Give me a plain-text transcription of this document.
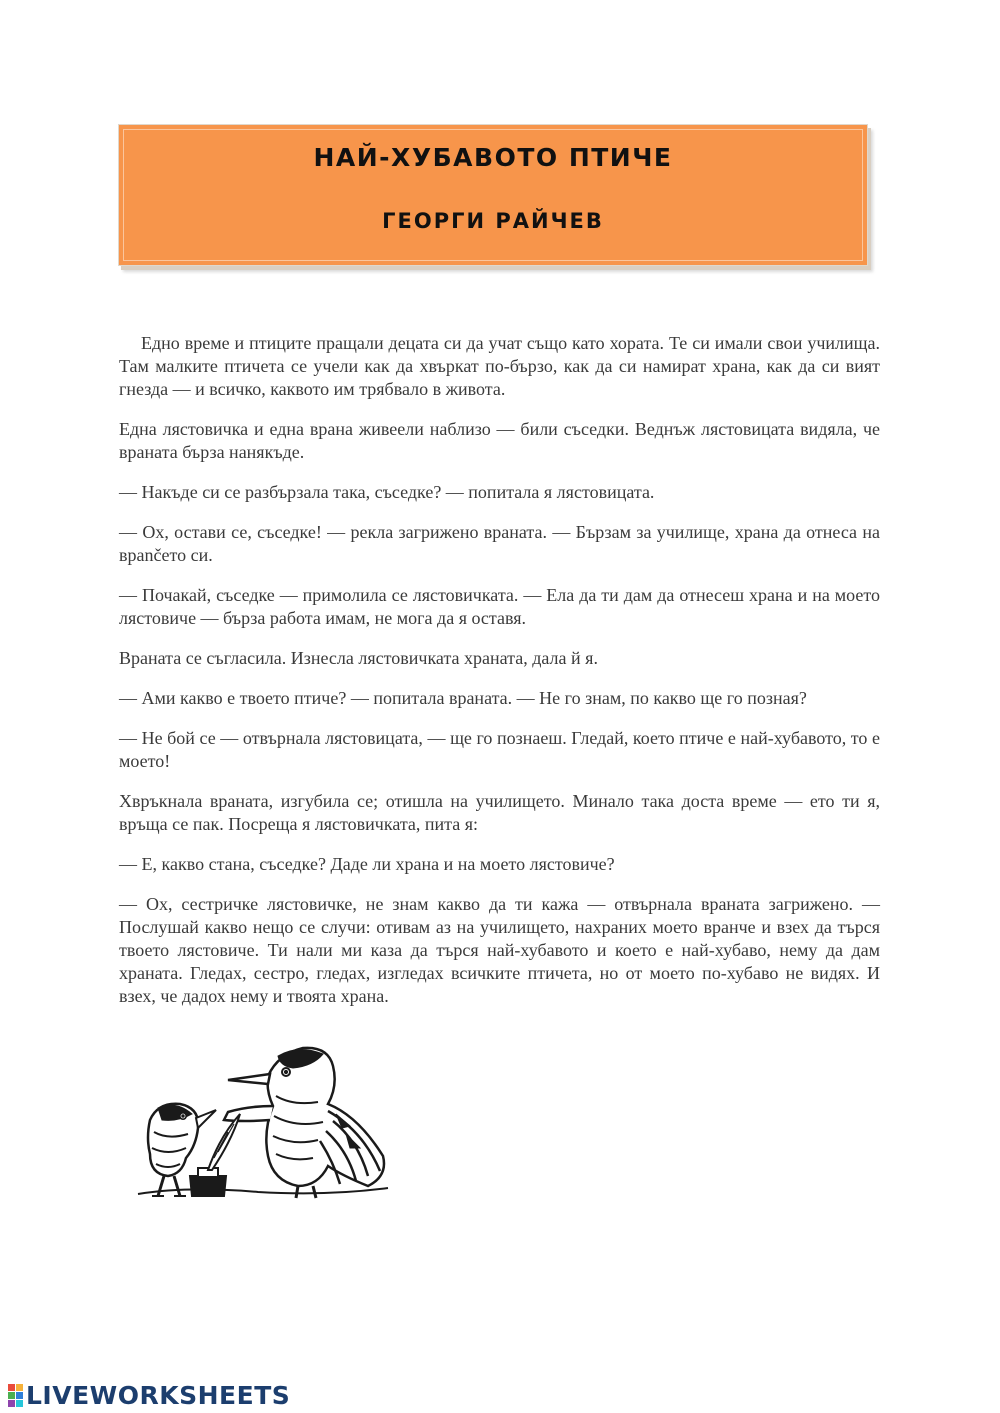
НАЙ-ХУБАВОТО ПТИЧЕ
ГЕОРГИ РАЙЧЕВ

Едно време и птиците пращали децата си да учат също като хората. Те си имали свои училища. Там малките птичета се учели как да хвъркат по-бързо, как да си намират храна, как да си вият гнезда — и всичко, каквото им трябвало в живота.

Една лястовичка и една врана живеели наблизо — били съседки. Веднъж лястовицата видяла, че враната бърза нанякъде.

— Накъде си се разбързала така, съседке? — попитала я лястовицата.

— Ох, остави се, съседке! — рекла загрижено враната. — Бързам за училище, храна да отнеса на врančето си.

— Почакай, съседке — примолила се лястовичката. — Ела да ти дам да отнесеш храна и на моето лястовиче — бърза работа имам, не мога да я оставя.

Враната се съгласила. Изнесла лястовичката храната, дала й я.

— Ами какво е твоето птиче? — попитала враната. — Не го знам, по какво ще го позная?

— Не бой се — отвърнала лястовицата, — ще го познаеш. Гледай, което птиче е най-хубавото, то е моето!

Хвръкнала враната, изгубила се; отишла на училището. Минало така доста време — ето ти я, връща се пак. Посреща я лястовичката, пита я:

— Е, какво стана, съседке? Даде ли храна и на моето лястовиче?

— Ох, сестричке лястовичке, не знам какво да ти кажа — отвърнала враната загрижено. — Послушай какво нещо се случи: отивам аз на училището, нахраних моето вранче и взех да търся твоето лястовиче. Ти нали ми каза да търся най-хубавото и което е най-хубаво, нему да дам храната. Гледах, сестро, гледах, изгледах всичките птичета, но от моето по-хубаво не видях. И взех, че дадох нему и твоята храна.

LIVEWORKSHEETS
